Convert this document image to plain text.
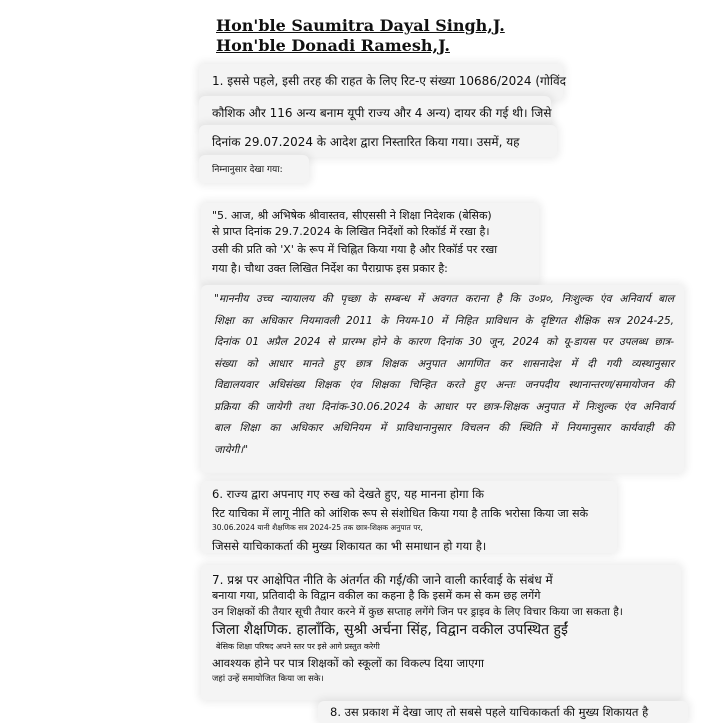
Hon'ble Saumitra Dayal Singh,J.
Hon'ble Donadi Ramesh,J.
1. इससे पहले, इसी तरह की राहत के लिए रिट-ए संख्या 10686/2024 (गोविंद
कौशिक और 116 अन्य बनाम यूपी राज्य और 4 अन्य) दायर की गई थी। जिसे
दिनांक 29.07.2024 के आदेश द्वारा निस्तारित किया गया। उसमें, यह
निम्नानुसार देखा गया:
"5. आज, श्री अभिषेक श्रीवास्तव, सीएससी ने शिक्षा निदेशक (बेसिक)
से प्राप्त दिनांक 29.7.2024 के लिखित निर्देशों को रिकॉर्ड में रखा है।
उसी की प्रति को 'X' के रूप में चिह्नित किया गया है और रिकॉर्ड पर रखा
गया है। चौथा उक्त लिखित निर्देश का पैराग्राफ इस प्रकार है:
"माननीय उच्च न्यायालय की पृच्छा के सम्बन्ध में अवगत कराना है कि उ०प्र०, निःशुल्क एंव अनिवार्य बाल
शिक्षा का अधिकार नियमावली 2011 के नियम-10 में निहित प्राविधान के दृष्टिगत शैक्षिक सत्र 2024-25,
दिनांक 01 अप्रैल 2024 से प्रारम्भ होने के कारण दिनांक 30 जून, 2024 को यू-डायस पर उपलब्ध छात्र-
संख्या को आधार मानते हुए छात्र शिक्षक अनुपात आगणित कर शासनादेश में दी गयी व्यस्थानुसार
विद्यालयवार अधिसंख्य शिक्षक एंव शिक्षका चिन्हित करते हुए अन्तः जनपदीय स्थानान्तरण/समायोजन की
प्रक्रिया की जायेगी तथा दिनांक-30.06.2024 के आधार पर छात्र-शिक्षक अनुपात में निःशुल्क एंव अनिवार्य
बाल शिक्षा का अधिकार अधिनियम में प्राविधानानुसार विचलन की स्थिति में नियमानुसार कार्यवाही की
जायेगी।"
6. राज्य द्वारा अपनाए गए रुख को देखते हुए, यह मानना होगा कि
रिट याचिका में लागू नीति को आंशिक रूप से संशोधित किया गया है ताकि भरोसा किया जा सके
30.06.2024 यानी शैक्षणिक सत्र 2024-25 तक छात्र-शिक्षक अनुपात पर,
जिससे याचिकाकर्ता की मुख्य शिकायत का भी समाधान हो गया है।
7. प्रश्न पर आक्षेपित नीति के अंतर्गत की गई/की जाने वाली कार्रवाई के संबंध में
बनाया गया, प्रतिवादी के विद्वान वकील का कहना है कि इसमें कम से कम छह लगेंगे
उन शिक्षकों की तैयार सूची तैयार करने में कुछ सप्ताह लगेंगे जिन पर ड्राइव के लिए विचार किया जा सकता है।
जिला शैक्षणिक. हालाँकि, सुश्री अर्चना सिंह, विद्वान वकील उपस्थित हुईं
बेसिक शिक्षा परिषद अपने स्तर पर इसे आगे प्रस्तुत करेगी
आवश्यक होने पर पात्र शिक्षकों को स्कूलों का विकल्प दिया जाएगा
जहां उन्हें समायोजित किया जा सके।
8. उस प्रकाश में देखा जाए तो सबसे पहले याचिकाकर्ता की मुख्य शिकायत है
